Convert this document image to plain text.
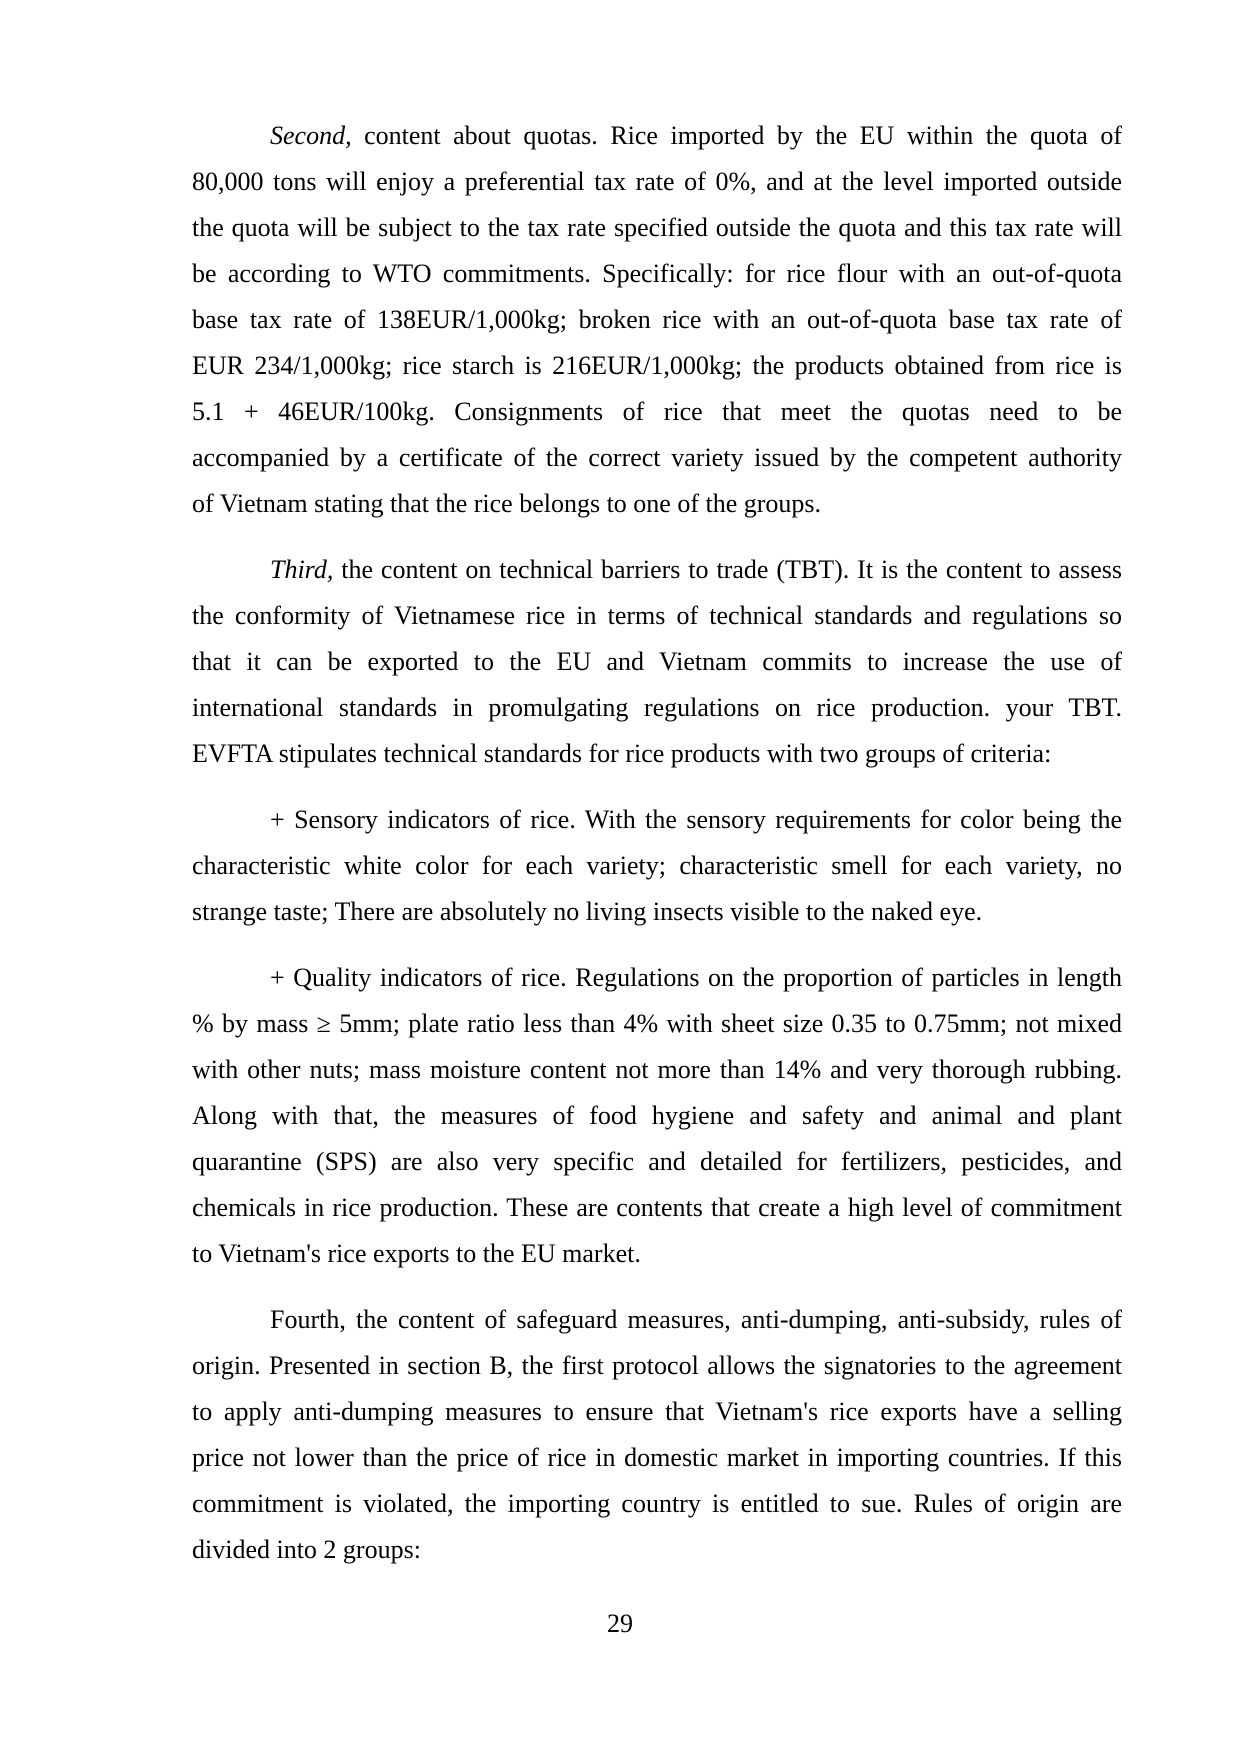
Second, content about quotas. Rice imported by the EU within the quota of
80,000 tons will enjoy a preferential tax rate of 0%, and at the level imported outside
the quota will be subject to the tax rate specified outside the quota and this tax rate will
be according to WTO commitments. Specifically: for rice flour with an out-of-quota
base tax rate of 138EUR/1,000kg; broken rice with an out-of-quota base tax rate of
EUR 234/1,000kg; rice starch is 216EUR/1,000kg; the products obtained from rice is
5.1 + 46EUR/100kg. Consignments of rice that meet the quotas need to be
accompanied by a certificate of the correct variety issued by the competent authority
of Vietnam stating that the rice belongs to one of the groups.
Third, the content on technical barriers to trade (TBT). It is the content to assess
the conformity of Vietnamese rice in terms of technical standards and regulations so
that it can be exported to the EU and Vietnam commits to increase the use of
international standards in promulgating regulations on rice production. your TBT.
EVFTA stipulates technical standards for rice products with two groups of criteria:
+ Sensory indicators of rice. With the sensory requirements for color being the
characteristic white color for each variety; characteristic smell for each variety, no
strange taste; There are absolutely no living insects visible to the naked eye.
+ Quality indicators of rice. Regulations on the proportion of particles in length
% by mass ≥ 5mm; plate ratio less than 4% with sheet size 0.35 to 0.75mm; not mixed
with other nuts; mass moisture content not more than 14% and very thorough rubbing.
Along with that, the measures of food hygiene and safety and animal and plant
quarantine (SPS) are also very specific and detailed for fertilizers, pesticides, and
chemicals in rice production. These are contents that create a high level of commitment
to Vietnam's rice exports to the EU market.
Fourth, the content of safeguard measures, anti-dumping, anti-subsidy, rules of
origin. Presented in section B, the first protocol allows the signatories to the agreement
to apply anti-dumping measures to ensure that Vietnam's rice exports have a selling
price not lower than the price of rice in domestic market in importing countries. If this
commitment is violated, the importing country is entitled to sue. Rules of origin are
divided into 2 groups:
29
